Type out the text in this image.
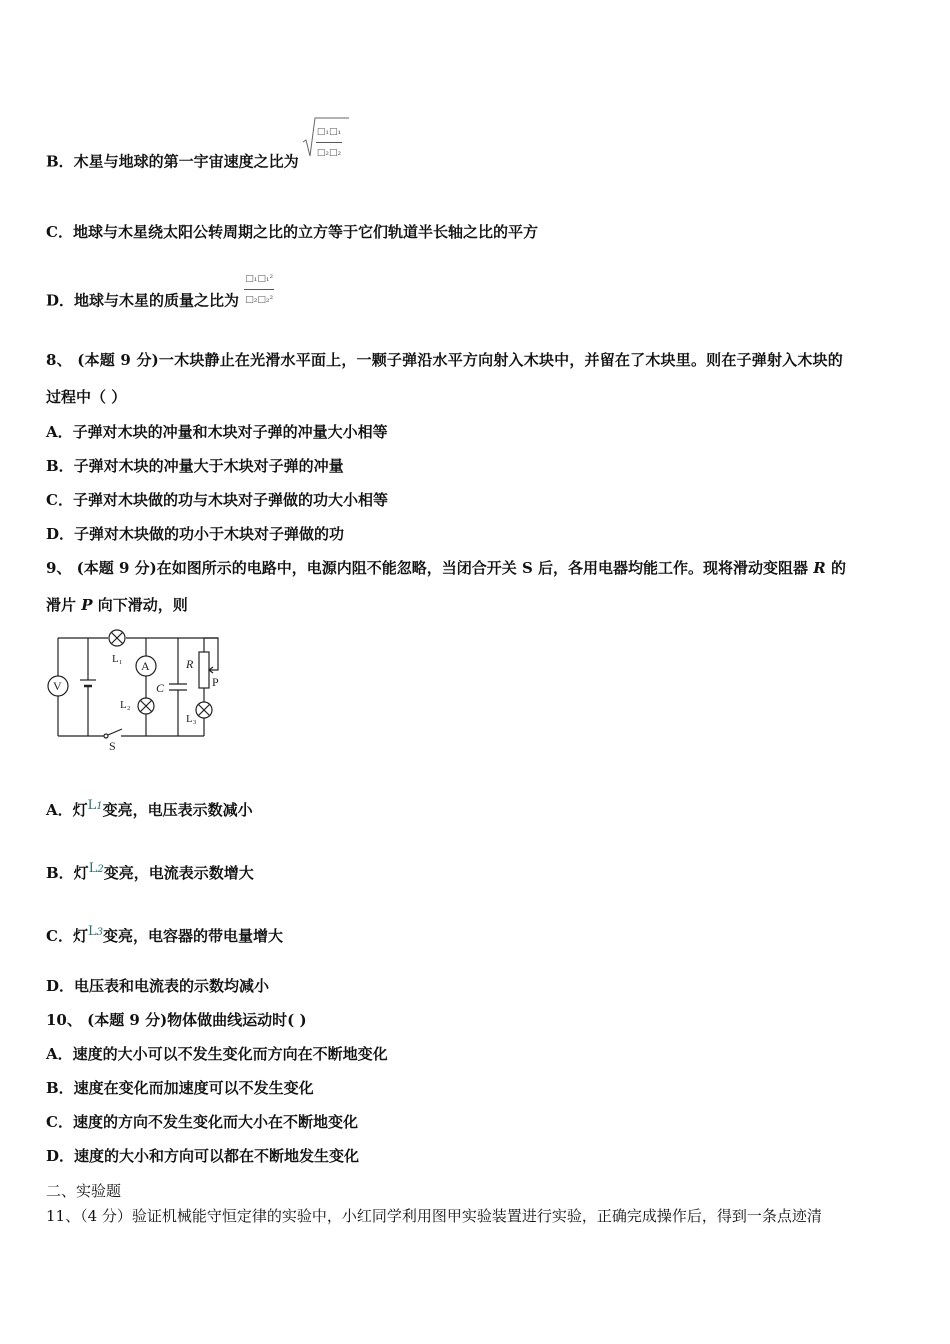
B．木星与地球的第一宇宙速度之比为 $\frac{\text{□₁□₁}}{\text{□₂□₂}}$
C．地球与木星绕太阳公转周期之比的立方等于它们轨道半长轴之比的平方
D．地球与木星的质量之比为 $\frac{\text{□₁□₁²}}{\text{□₂□₂²}}$
8、 (本题 9 分)一木块静止在光滑水平面上，一颗子弹沿水平方向射入木块中，并留在了木块里。则在子弹射入木块的
过程中（ ）
A．子弹对木块的冲量和木块对子弹的冲量大小相等
B．子弹对木块的冲量大于木块对子弹的冲量
C．子弹对木块做的功与木块对子弹做的功大小相等
D．子弹对木块做的功小于木块对子弹做的功
9、 (本题 9 分)在如图所示的电路中，电源内阻不能忽略，当闭合开关 S 后，各用电器均能工作。现将滑动变阻器 R 的
滑片 P 向下滑动，则
V
S
L₁ A
L₂
C
R
P
L₃
A．灯L1变亮，电压表示数减小
B．灯L2变亮，电流表示数增大
C．灯L3变亮，电容器的带电量增大
D．电压表和电流表的示数均减小
10、 (本题 9 分)物体做曲线运动时( )
A．速度的大小可以不发生变化而方向在不断地变化
B．速度在变化而加速度可以不发生变化
C．速度的方向不发生变化而大小在不断地变化
D．速度的大小和方向可以都在不断地发生变化
二、实验题
11、（4 分）验证机械能守恒定律的实验中，小红同学利用图甲实验装置进行实验，正确完成操作后，得到一条点迹清
